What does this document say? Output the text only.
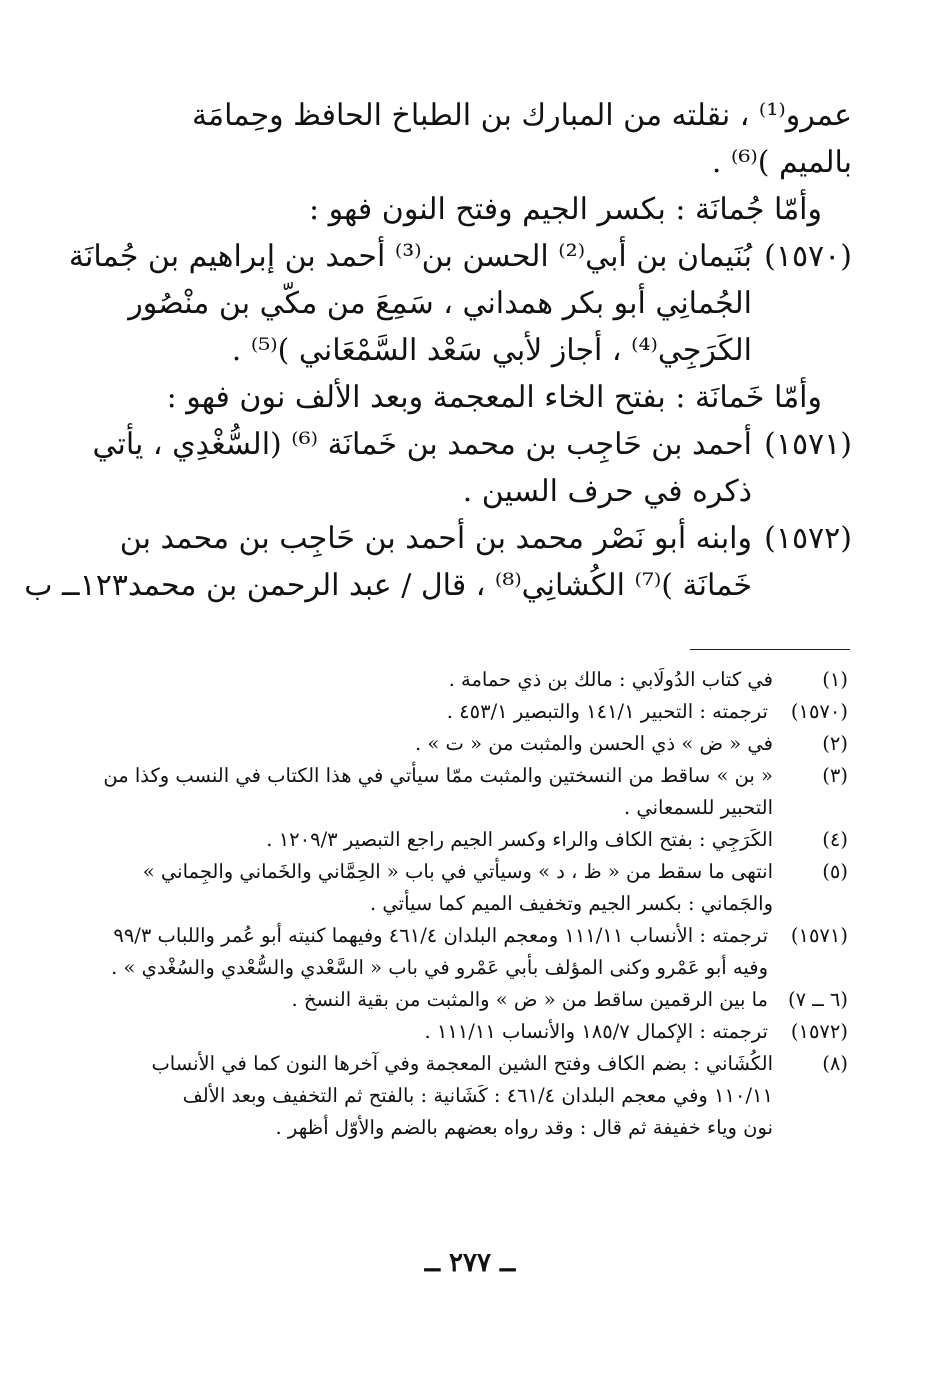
عمرو⁽¹⁾ ، نقلته من المبارك بن الطباخ الحافظ وحِمامَة
بالميم )⁽⁶⁾ .
وأمّا جُمانَة : بكسر الجيم وفتح النون فهو :
(١٥٧٠)
بُنَيمان بن أبي⁽²⁾ الحسن بن⁽³⁾ أحمد بن إبراهيم بن جُمانَة
الجُمانِي أبو بكر همداني ، سَمِعَ من مكّي بن منْصُور
الكَرَجِي⁽⁴⁾ ، أجاز لأبي سَعْد السَّمْعَاني )⁽⁵⁾ .
وأمّا خَمانَة : بفتح الخاء المعجمة وبعد الألف نون فهو :
(١٥٧١)
أحمد بن حَاجِب بن محمد بن خَمانَة ⁽⁶⁾ (السُّغْدِي ، يأتي
ذكره في حرف السين .
(١٥٧٢)
وابنه أبو نَصْر محمد بن أحمد بن حَاجِب بن محمد بن
خَمانَة )⁽⁷⁾ الكُشانِي⁽⁸⁾ ، قال / عبد الرحمن بن محمد١٢٣ــ ب
(١)
في كتاب الدُولَابي : مالك بن ذي حمامة .
(١٥٧٠)
ترجمته : التحبير ١٤١/١ والتبصير ٤٥٣/١ .
(٢)
في « ض » ذي الحسن والمثبت من « ت » .
(٣)
« بن » ساقط من النسختين والمثبت ممّا سيأتي في هذا الكتاب في النسب وكذا من
التحبير للسمعاني .
(٤)
الكَرَجِي : بفتح الكاف والراء وكسر الجيم راجع التبصير ١٢٠٩/٣ .
(٥)
انتهى ما سقط من « ظ ، د » وسيأتي في باب « الحِمَّاني والخَماني والجِماني »
والجَماني : بكسر الجيم وتخفيف الميم كما سيأتي .
(١٥٧١)
ترجمته : الأنساب ١١١/١١ ومعجم البلدان ٤٦١/٤ وفيهما كنيته أبو عُمر واللباب ٩٩/٣
وفيه أبو عَمْرو وكنى المؤلف بأبي عَمْرو في باب « السَّعْدي والسُّعْدي والسُغْدي » .
(٦ ــ ٧)
ما بين الرقمين ساقط من « ض » والمثبت من بقية النسخ .
(١٥٧٢)
ترجمته : الإكمال ١٨٥/٧ والأنساب ١١١/١١ .
(٨)
الكُشَاني : بضم الكاف وفتح الشين المعجمة وفي آخرها النون كما في الأنساب
١١٠/١١ وفي معجم البلدان ٤٦١/٤ : كَشَانية : بالفتح ثم التخفيف وبعد الألف
نون وياء خفيفة ثم قال : وقد رواه بعضهم بالضم والأوّل أظهر .
ــ ٢٧٧ ــ
